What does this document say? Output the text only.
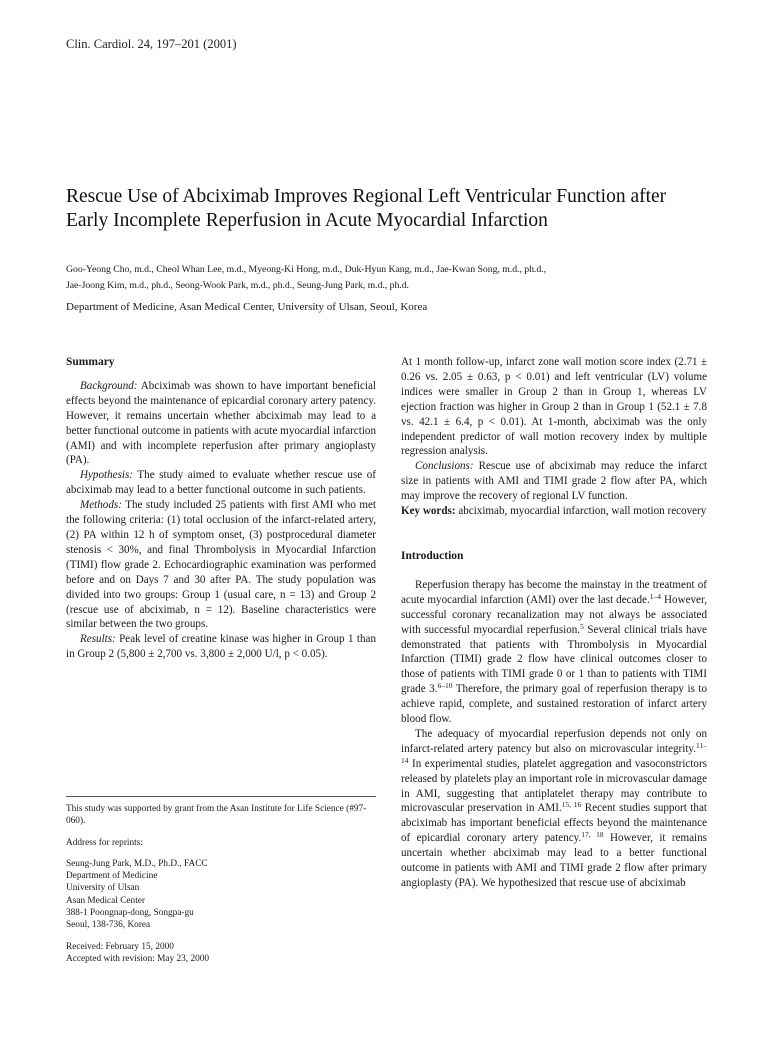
Clin. Cardiol. 24, 197–201 (2001)
Rescue Use of Abciximab Improves Regional Left Ventricular Function after
Early Incomplete Reperfusion in Acute Myocardial Infarction
Goo-Yeong Cho, m.d., Cheol Whan Lee, m.d., Myeong-Ki Hong, m.d., Duk-Hyun Kang, m.d., Jae-Kwan Song, m.d., ph.d.,
Jae-Joong Kim, m.d., ph.d., Seong-Wook Park, m.d., ph.d., Seung-Jung Park, m.d., ph.d.
Department of Medicine, Asan Medical Center, University of Ulsan, Seoul, Korea
Summary

Background: Abciximab was shown to have important beneficial effects beyond the maintenance of epicardial coronary artery patency. However, it remains uncertain whether abciximab may lead to a better functional outcome in patients with acute myocardial infarction (AMI) and with incomplete reperfusion after primary angioplasty (PA).

Hypothesis: The study aimed to evaluate whether rescue use of abciximab may lead to a better functional outcome in such patients.

Methods: The study included 25 patients with first AMI who met the following criteria: (1) total occlusion of the infarct-related artery, (2) PA within 12 h of symptom onset, (3) postprocedural diameter stenosis < 30%, and final Thrombolysis in Myocardial Infarction (TIMI) flow grade 2. Echocardiographic examination was performed before and on Days 7 and 30 after PA. The study population was divided into two groups: Group 1 (usual care, n = 13) and Group 2 (rescue use of abciximab, n = 12). Baseline characteristics were similar between the two groups.

Results: Peak level of creatine kinase was higher in Group 1 than in Group 2 (5,800 ± 2,700 vs. 3,800 ± 2,000 U/l, p < 0.05).

This study was supported by grant from the Asan Institute for Life Science (#97-060).

Address for reprints:

Seung-Jung Park, M.D., Ph.D., FACC
Department of Medicine
University of Ulsan
Asan Medical Center
388-1 Poongnap-dong, Songpa-gu
Seoul, 138-736, Korea

Received: February 15, 2000

Accepted with revision: May 23, 2000

At 1 month follow-up, infarct zone wall motion score index (2.71 ± 0.26 vs. 2.05 ± 0.63, p < 0.01) and left ventricular (LV) volume indices were smaller in Group 2 than in Group 1, whereas LV ejection fraction was higher in Group 2 than in Group 1 (52.1 ± 7.8 vs. 42.1 ± 6.4, p < 0.01). At 1-month, abciximab was the only independent predictor of wall motion recovery index by multiple regression analysis.

Conclusions: Rescue use of abciximab may reduce the infarct size in patients with AMI and TIMI grade 2 flow after PA, which may improve the recovery of regional LV function.

Key words: abciximab, myocardial infarction, wall motion recovery

Introduction

Reperfusion therapy has become the mainstay in the treatment of acute myocardial infarction (AMI) over the last decade.$^{1-4}$ However, successful coronary recanalization may not always be associated with successful myocardial reperfusion.$^5$ Several clinical trials have demonstrated that patients with Thrombolysis in Myocardial Infarction (TIMI) grade 2 flow have clinical outcomes closer to those of patients with TIMI grade 0 or 1 than to patients with TIMI grade 3.$^{6-10}$ Therefore, the primary goal of reperfusion therapy is to achieve rapid, complete, and sustained restoration of infarct artery blood flow.

The adequacy of myocardial reperfusion depends not only on infarct-related artery patency but also on microvascular integrity.$^{11-14}$ In experimental studies, platelet aggregation and vasoconstrictors released by platelets play an important role in microvascular damage in AMI, suggesting that antiplatelet therapy may contribute to microvascular preservation in AMI.$^{15, 16}$ Recent studies support that abciximab has important beneficial effects beyond the maintenance of epicardial coronary artery patency.$^{17, 18}$ However, it remains uncertain whether abciximab may lead to a better functional outcome in patients with AMI and TIMI grade 2 flow after primary angioplasty (PA). We hypothesized that rescue use of abciximab
